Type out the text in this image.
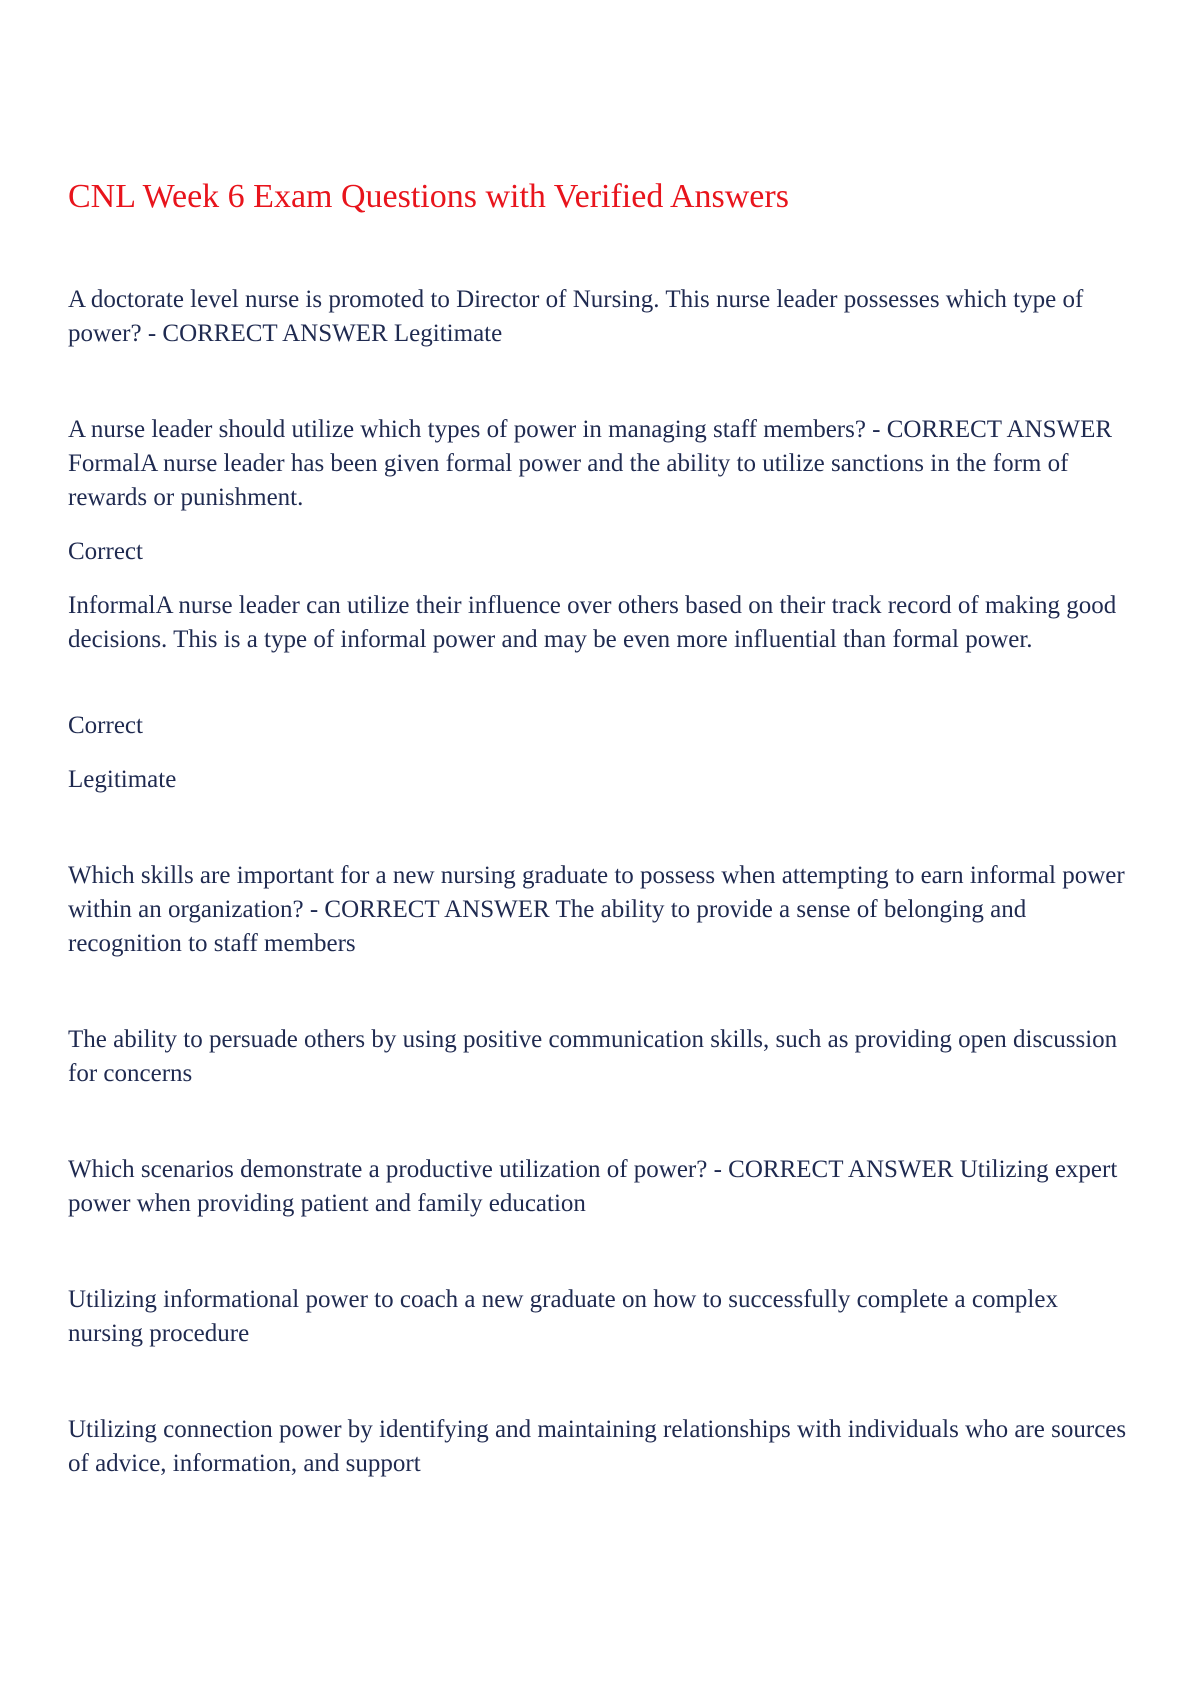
CNL Week 6 Exam Questions with Verified Answers

A doctorate level nurse is promoted to Director of Nursing. This nurse leader possesses which type of power? - CORRECT ANSWER Legitimate

A nurse leader should utilize which types of power in managing staff members? - CORRECT ANSWER FormalA nurse leader has been given formal power and the ability to utilize sanctions in the form of rewards or punishment.

Correct

InformalA nurse leader can utilize their influence over others based on their track record of making good decisions. This is a type of informal power and may be even more influential than formal power.

Correct

Legitimate

Which skills are important for a new nursing graduate to possess when attempting to earn informal power within an organization? - CORRECT ANSWER The ability to provide a sense of belonging and recognition to staff members

The ability to persuade others by using positive communication skills, such as providing open discussion for concerns

Which scenarios demonstrate a productive utilization of power? - CORRECT ANSWER Utilizing expert power when providing patient and family education

Utilizing informational power to coach a new graduate on how to successfully complete a complex nursing procedure

Utilizing connection power by identifying and maintaining relationships with individuals who are sources of advice, information, and support
